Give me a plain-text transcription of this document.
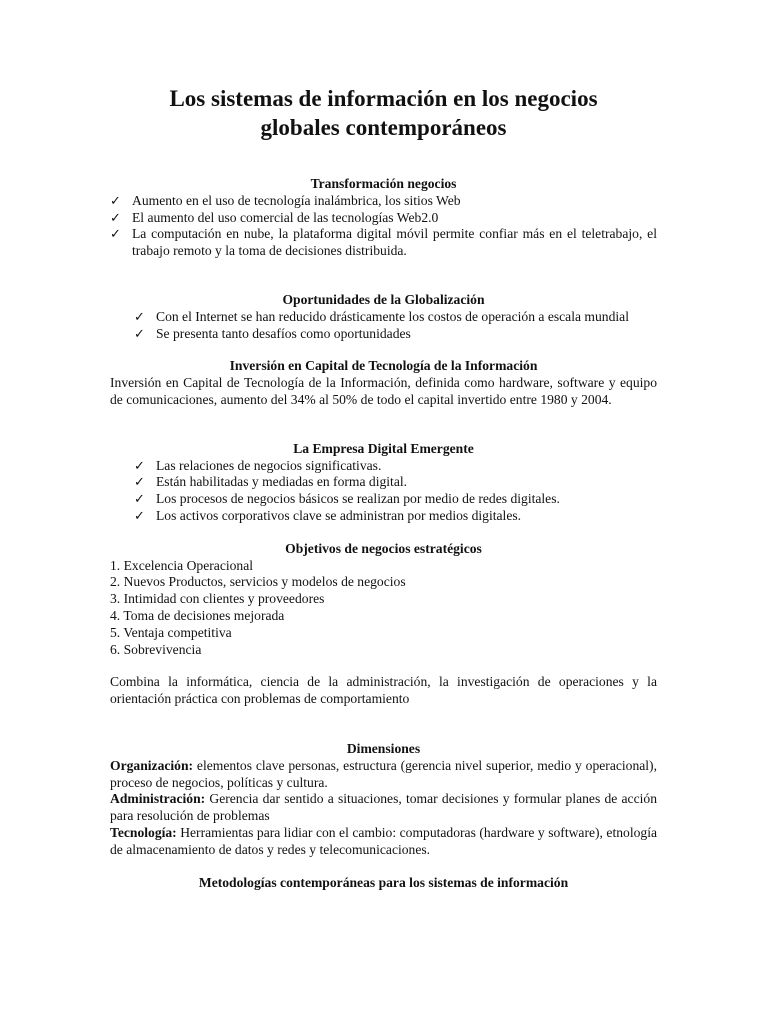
Los sistemas de información en los negocios
globales contemporáneos

Transformación negocios

✓ Aumento en el uso de tecnología inalámbrica, los sitios Web
✓ El aumento del uso comercial de las tecnologías Web2.0
✓ La computación en nube, la plataforma digital móvil permite confiar más en el teletrabajo, el trabajo remoto y la toma de decisiones distribuida.

Oportunidades de la Globalización

✓ Con el Internet se han reducido drásticamente los costos de operación a escala mundial
✓ Se presenta tanto desafíos como oportunidades

Inversión en Capital de Tecnología de la Información

Inversión en Capital de Tecnología de la Información, definida como hardware, software y equipo de comunicaciones, aumento del 34% al 50% de todo el capital invertido entre 1980 y 2004.

La Empresa Digital Emergente

✓ Las relaciones de negocios significativas.
✓ Están habilitadas y mediadas en forma digital.
✓ Los procesos de negocios básicos se realizan por medio de redes digitales.
✓ Los activos corporativos clave se administran por medios digitales.

Objetivos de negocios estratégicos

1. Excelencia Operacional
2. Nuevos Productos, servicios y modelos de negocios
3. Intimidad con clientes y proveedores
4. Toma de decisiones mejorada
5. Ventaja competitiva
6. Sobrevivencia

Combina la informática, ciencia de la administración, la investigación de operaciones y la orientación práctica con problemas de comportamiento

Dimensiones

Organización: elementos clave personas, estructura (gerencia nivel superior, medio y operacional), proceso de negocios, políticas y cultura.

Administración: Gerencia dar sentido a situaciones, tomar decisiones y formular planes de acción para resolución de problemas

Tecnología: Herramientas para lidiar con el cambio: computadoras (hardware y software), etnología de almacenamiento de datos y redes y telecomunicaciones.

Metodologías contemporáneas para los sistemas de información
